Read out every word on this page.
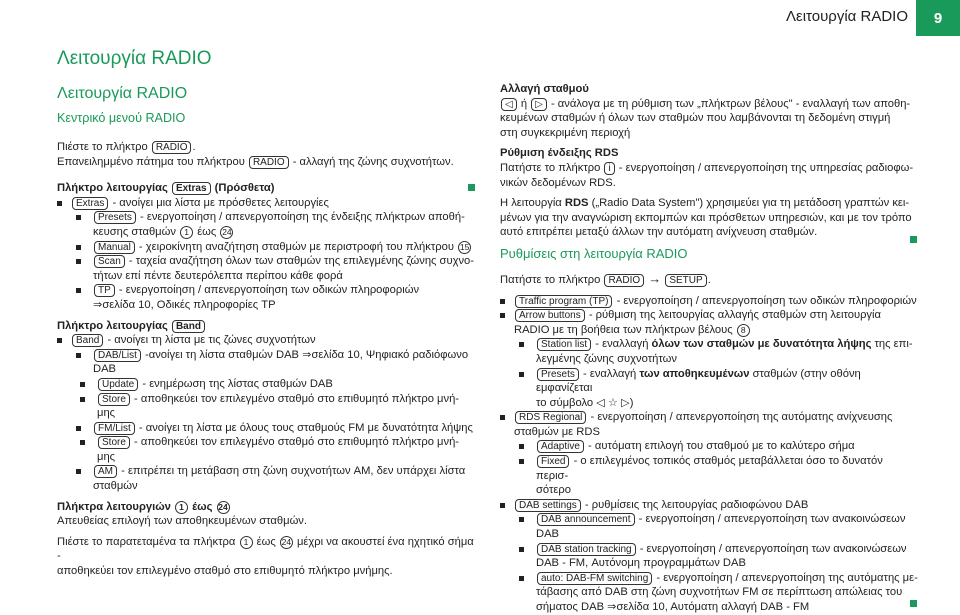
Λειτουργία RADIO	9
Λειτουργία RADIO
Λειτουργία RADIO
Κεντρικό μενού RADIO
Πιέστε το πλήκτρο RADIO .
Επανειλημμένο πάτημα του πλήκτρου RADIO - αλλαγή της ζώνης συχνοτήτων.
Πλήκτρο λειτουργίας Extras (Πρόσθετα)
Extras - ανοίγει μια λίστα με πρόσθετες λειτουργίες
Presets - ενεργοποίηση / απενεργοποίηση της ένδειξης πλήκτρων αποθή-
κευσης σταθμών 1 έως 24
Manual - χειροκίνητη αναζήτηση σταθμών με περιστροφή του πλήκτρου 15
Scan - ταχεία αναζήτηση όλων των σταθμών της επιλεγμένης ζώνης συχνο-
τήτων επί πέντε δευτερόλεπτα περίπου κάθε φορά
TP - ενεργοποίηση / απενεργοποίηση των οδικών πληροφοριών
⇒σελίδα 10, Οδικές πληροφορίες TP
Πλήκτρο λειτουργίας Band
Band - ανοίγει τη λίστα με τις ζώνες συχνοτήτων
DAB/List -ανοίγει τη λίστα σταθμών DAB ⇒σελίδα 10, Ψηφιακό ραδιόφωνο
DAB
Update - ενημέρωση της λίστας σταθμών DAB
Store - αποθηκεύει τον επιλεγμένο σταθμό στο επιθυμητό πλήκτρο μνή-
μης
FM/List - ανοίγει τη λίστα με όλους τους σταθμούς FM με δυνατότητα λήψης
Store - αποθηκεύει τον επιλεγμένο σταθμό στο επιθυμητό πλήκτρο μνή-
μης
AM - επιτρέπει τη μετάβαση στη ζώνη συχνοτήτων AM, δεν υπάρχει λίστα
σταθμών
Πλήκτρα λειτουργιών 1 έως 24
Απευθείας επιλογή των αποθηκευμένων σταθμών.
Πιέστε το παρατεταμένα τα πλήκτρα 1 έως 24 μέχρι να ακουστεί ένα ηχητικό σήμα -
αποθηκεύει τον επιλεγμένο σταθμό στο επιθυμητό πλήκτρο μνήμης.
Αλλαγή σταθμού
◁ ή ▷ - ανάλογα με τη ρύθμιση των „πλήκτρων βέλους" - εναλλαγή των αποθη-
κευμένων σταθμών ή όλων των σταθμών που λαμβάνονται τη δεδομένη στιγμή
στη συγκεκριμένη περιοχή
Ρύθμιση ένδειξης RDS
Πατήστε το πλήκτρο i - ενεργοποίηση / απενεργοποίηση της υπηρεσίας ραδιοφω-
νικών δεδομένων RDS.
Η λειτουργία RDS („Radio Data System") χρησιμεύει για τη μετάδοση γραπτών κει-
μένων για την αναγνώριση εκπομπών και πρόσθετων υπηρεσιών, και με τον τρόπο
αυτό επιτρέπει μεταξύ άλλων την αυτόματη ανίχνευση σταθμών.
Ρυθμίσεις στη λειτουργία RADIO
Πατήστε το πλήκτρο RADIO → SETUP .
Traffic program (TP) - ενεργοποίηση / απενεργοποίηση των οδικών πληροφοριών
Arrow buttons - ρύθμιση της λειτουργίας αλλαγής σταθμών στη λειτουργία
RADIO με τη βοήθεια των πλήκτρων βέλους 8
Station list - εναλλαγή όλων των σταθμών με δυνατότητα λήψης της επι-
λεγμένης ζώνης συχνοτήτων
Presets - εναλλαγή των αποθηκευμένων σταθμών (στην οθόνη εμφανίζεται
το σύμβολο ◁ ☆ ▷)
RDS Regional - ενεργοποίηση / απενεργοποίηση της αυτόματης ανίχνευσης
σταθμών με RDS
Adaptive - αυτόματη επιλογή του σταθμού με το καλύτερο σήμα
Fixed - ο επιλεγμένος τοπικός σταθμός μεταβάλλεται όσο το δυνατόν περισ-
σότερο
DAB settings - ρυθμίσεις της λειτουργίας ραδιοφώνου DAB
DAB announcement - ενεργοποίηση / απενεργοποίηση των ανακοινώσεων
DAB
DAB station tracking - ενεργοποίηση / απενεργοποίηση των ανακοινώσεων
DAB - FM, Αυτόνομη προγραμμάτων DAB
auto: DAB-FM switching - ενεργοποίηση / απενεργοποίηση της αυτόματης με-
τάβασης από DAB στη ζώνη συχνοτήτων FM σε περίπτωση απώλειας του
σήματος DAB ⇒σελίδα 10, Αυτόματη αλλαγή DAB - FM
